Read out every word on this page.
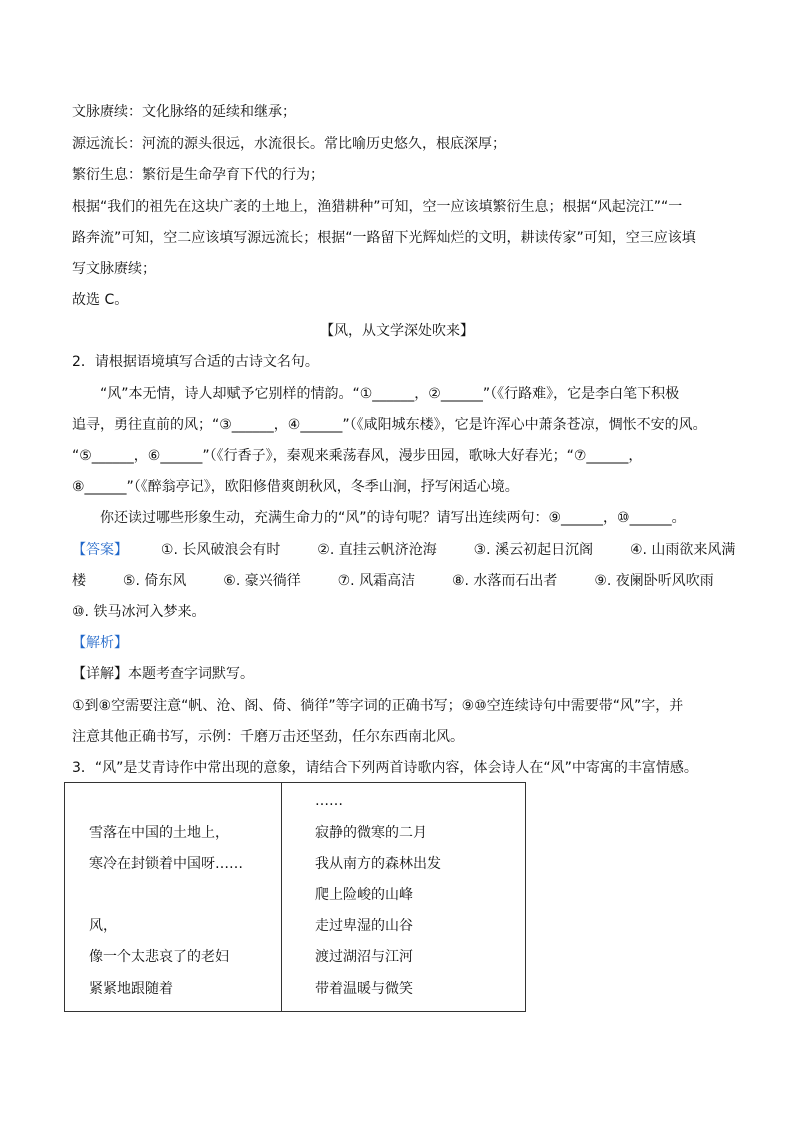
文脉赓续：文化脉络的延续和继承；
源远流长：河流的源头很远，水流很长。常比喻历史悠久，根底深厚；
繁衍生息：繁衍是生命孕育下代的行为；
根据“我们的祖先在这块广袤的土地上，渔猎耕种”可知，空一应该填繁衍生息；根据“风起浣江”“一
路奔流”可知，空二应该填写源远流长；根据“一路留下光辉灿烂的文明，耕读传家”可知，空三应该填
写文脉赓续；
故选 C。
【风，从文学深处吹来】
2．请根据语境填写合适的古诗文名句。
“风”本无情，诗人却赋予它别样的情韵。“①______，②______”（《行路难》，它是李白笔下积极
追寻，勇往直前的风；“③______，④______”（《咸阳城东楼》，它是许浑心中萧条苍凉，惆怅不安的风。
“⑤______，⑥______”（《行香子》，秦观来乘荡春风，漫步田园，歌咏大好春光；“⑦______，
⑧______”（《醉翁亭记》，欧阳修借爽朗秋风，冬季山涧，抒写闲适心境。
你还读过哪些形象生动，充满生命力的“风”的诗句呢？请写出连续两句：⑨______，⑩______。
【答案】 ①. 长风破浪会有时	②. 直挂云帆济沧海	③. 溪云初起日沉阁	④. 山雨欲来风满
楼	⑤. 倚东风	⑥. 豪兴徜徉	⑦. 风霜高洁	⑧. 水落而石出者	⑨. 夜阑卧听风吹雨
⑩. 铁马冰河入梦来。
【解析】
【详解】本题考查字词默写。
①到⑧空需要注意“帆、沧、阁、倚、徜徉”等字词的正确书写；⑨⑩空连续诗句中需要带“风”字，并
注意其他正确书写，示例：千磨万击还坚劲，任尔东西南北风。
3．“风”是艾青诗作中常出现的意象，请结合下列两首诗歌内容，体会诗人在“风”中寄寓的丰富情感。
雪落在中国的土地上，
寒冷在封锁着中国呀……
风，
像一个太悲哀了的老妇
紧紧地跟随着
……
寂静的微寒的二月
我从南方的森林出发
爬上险峻的山峰
走过卑湿的山谷
渡过湖沼与江河
带着温暖与微笑
